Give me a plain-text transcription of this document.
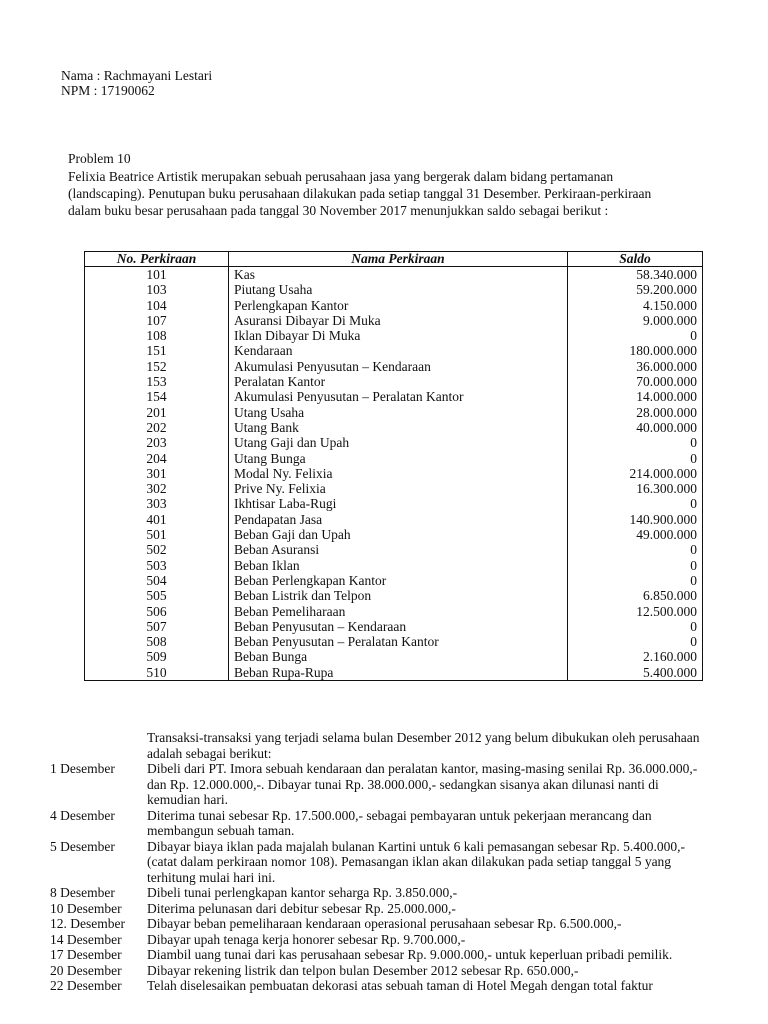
Nama : Rachmayani Lestari
NPM : 17190062
Problem 10
Felixia Beatrice Artistik merupakan sebuah perusahaan jasa yang bergerak dalam bidang pertamanan (landscaping). Penutupan buku perusahaan dilakukan pada setiap tanggal 31 Desember. Perkiraan-perkiraan dalam buku besar perusahaan pada tanggal 30 November 2017 menunjukkan saldo sebagai berikut :
No. Perkiraan	Nama Perkiraan	Saldo
101	Kas	58.340.000
103	Piutang Usaha	59.200.000
104	Perlengkapan Kantor	4.150.000
107	Asuransi Dibayar Di Muka	9.000.000
108	Iklan Dibayar Di Muka	0
151	Kendaraan	180.000.000
152	Akumulasi Penyusutan – Kendaraan	36.000.000
153	Peralatan Kantor	70.000.000
154	Akumulasi Penyusutan – Peralatan Kantor	14.000.000
201	Utang Usaha	28.000.000
202	Utang Bank	40.000.000
203	Utang Gaji dan Upah	0
204	Utang Bunga	0
301	Modal Ny. Felixia	214.000.000
302	Prive Ny. Felixia	16.300.000
303	Ikhtisar Laba-Rugi	0
401	Pendapatan Jasa	140.900.000
501	Beban Gaji dan Upah	49.000.000
502	Beban Asuransi	0
503	Beban Iklan	0
504	Beban Perlengkapan Kantor	0
505	Beban Listrik dan Telpon	6.850.000
506	Beban Pemeliharaan	12.500.000
507	Beban Penyusutan – Kendaraan	0
508	Beban Penyusutan – Peralatan Kantor	0
509	Beban Bunga	2.160.000
510	Beban Rupa-Rupa	5.400.000
Transaksi-transaksi yang terjadi selama bulan Desember 2012 yang belum dibukukan oleh perusahaan adalah sebagai berikut:
1 Desember	Dibeli dari PT. Imora sebuah kendaraan dan peralatan kantor, masing-masing senilai Rp. 36.000.000,- dan Rp. 12.000.000,-. Dibayar tunai Rp. 38.000.000,- sedangkan sisanya akan dilunasi nanti di kemudian hari.
4 Desember	Diterima tunai sebesar Rp. 17.500.000,- sebagai pembayaran untuk pekerjaan merancang dan membangun sebuah taman.
5 Desember	Dibayar biaya iklan pada majalah bulanan Kartini untuk 6 kali pemasangan sebesar Rp. 5.400.000,- (catat dalam perkiraan nomor 108). Pemasangan iklan akan dilakukan pada setiap tanggal 5 yang terhitung mulai hari ini.
8 Desember	Dibeli tunai perlengkapan kantor seharga Rp. 3.850.000,-
10 Desember	Diterima pelunasan dari debitur sebesar Rp. 25.000.000,-
12. Desember	Dibayar beban pemeliharaan kendaraan operasional perusahaan sebesar Rp. 6.500.000,-
14 Desember	Dibayar upah tenaga kerja honorer sebesar Rp. 9.700.000,-
17 Desember	Diambil uang tunai dari kas perusahaan sebesar Rp. 9.000.000,- untuk keperluan pribadi pemilik.
20 Desember	Dibayar rekening listrik dan telpon bulan Desember 2012 sebesar Rp. 650.000,-
22 Desember	Telah diselesaikan pembuatan dekorasi atas sebuah taman di Hotel Megah dengan total faktur
